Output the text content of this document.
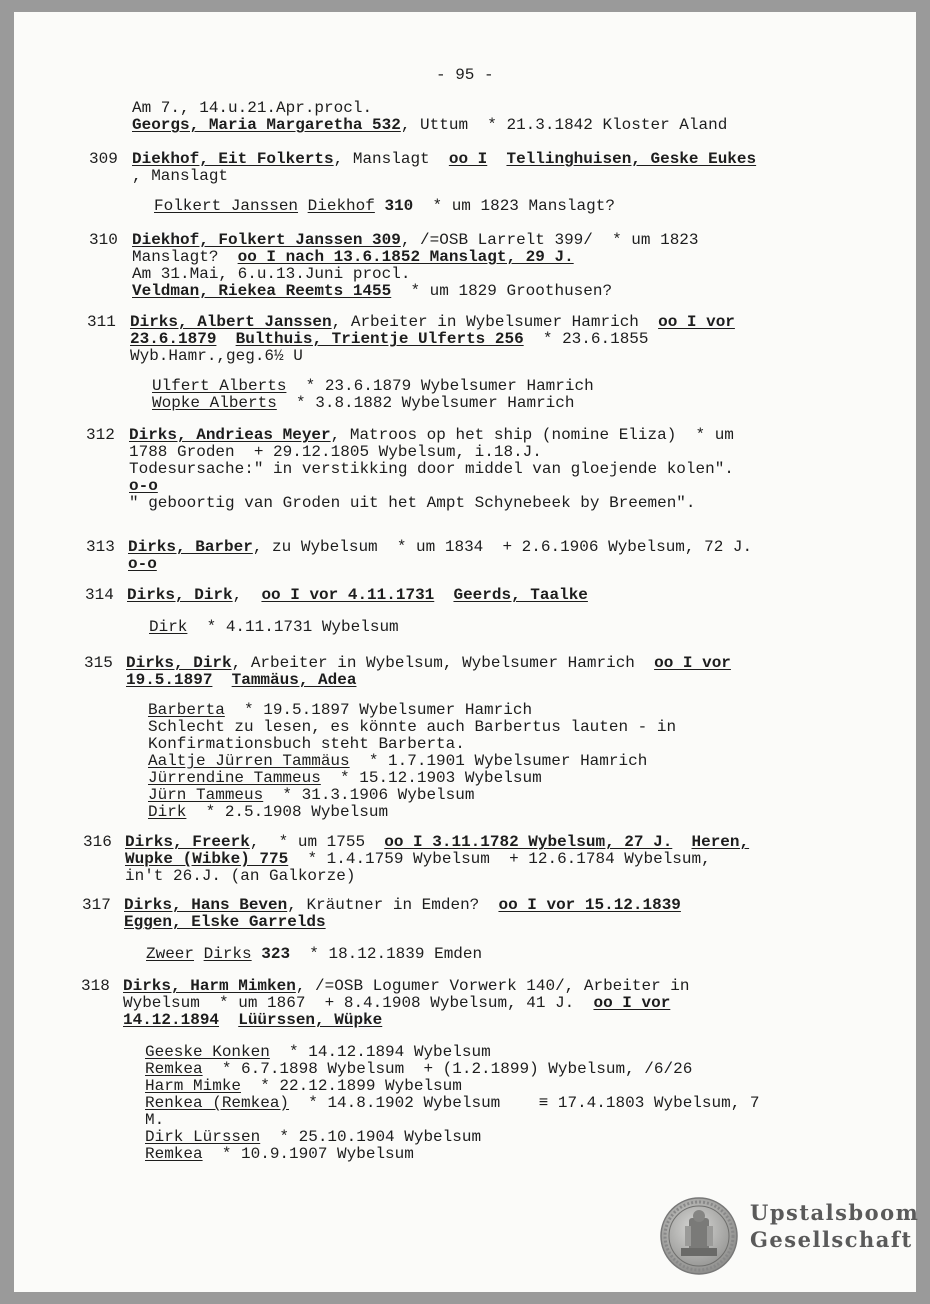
- 95 -
Am 7., 14.u.21.Apr.procl.
Georgs, Maria Margaretha 532, Uttum  * 21.3.1842 Kloster Aland
309 Diekhof, Eit Folkerts, Manslagt  oo I Tellinghuisen, Geske Eukes
, Manslagt
Folkert Janssen Diekhof 310  * um 1823 Manslagt?
310 Diekhof, Folkert Janssen 309, /=OSB Larrelt 399/  * um 1823
Manslagt?  oo I nach 13.6.1852 Manslagt, 29 J.
Am 31.Mai, 6.u.13.Juni procl.
Veldman, Riekea Reemts 1455  * um 1829 Groothusen?
311 Dirks, Albert Janssen, Arbeiter in Wybelsumer Hamrich  oo I vor
23.6.1879 Bulthuis, Trientje Ulferts 256  * 23.6.1855
Wyb.Hamr.,geg.6½ U
Ulfert Alberts  * 23.6.1879 Wybelsumer Hamrich
Wopke Alberts  * 3.8.1882 Wybelsumer Hamrich
312 Dirks, Andrieas Meyer, Matroos op het ship (nomine Eliza)  * um
1788 Groden  + 29.12.1805 Wybelsum, i.18.J.
Todesursache:" in verstikking door middel van gloejende kolen".
o-o
" geboortig van Groden uit het Ampt Schynebeek by Breemen".
313 Dirks, Barber, zu Wybelsum  * um 1834  + 2.6.1906 Wybelsum, 72 J.
o-o
314 Dirks, Dirk,  oo I vor 4.11.1731 Geerds, Taalke
Dirk  * 4.11.1731 Wybelsum
315 Dirks, Dirk, Arbeiter in Wybelsum, Wybelsumer Hamrich  oo I vor
19.5.1897 Tammäus, Adea
Barberta  * 19.5.1897 Wybelsumer Hamrich
Schlecht zu lesen, es könnte auch Barbertus lauten - in
Konfirmationsbuch steht Barberta.
Aaltje Jürren Tammäus  * 1.7.1901 Wybelsumer Hamrich
Jürrendine Tammeus  * 15.12.1903 Wybelsum
Jürn Tammeus  * 31.3.1906 Wybelsum
Dirk  * 2.5.1908 Wybelsum
316 Dirks, Freerk,  * um 1755  oo I 3.11.1782 Wybelsum, 27 J. Heren,
Wupke (Wibke) 775  * 1.4.1759 Wybelsum  + 12.6.1784 Wybelsum,
in't 26.J. (an Galkorze)
317 Dirks, Hans Beven, Kräutner in Emden?  oo I vor 15.12.1839
Eggen, Elske Garrelds
Zweer Dirks 323  * 18.12.1839 Emden
318 Dirks, Harm Mimken, /=OSB Logumer Vorwerk 140/, Arbeiter in
Wybelsum  * um 1867  + 8.4.1908 Wybelsum, 41 J.  oo I vor
14.12.1894 Lüürssen, Wüpke
Geeske Konken  * 14.12.1894 Wybelsum
Remkea  * 6.7.1898 Wybelsum  + (1.2.1899) Wybelsum, /6/26
Harm Mimke  * 22.12.1899 Wybelsum
Renkea (Remkea)  * 14.8.1902 Wybelsum    ≡ 17.4.1803 Wybelsum, 7
M.
Dirk Lürssen  * 25.10.1904 Wybelsum
Remkea  * 10.9.1907 Wybelsum
Upstalsboom
Gesellschaft
